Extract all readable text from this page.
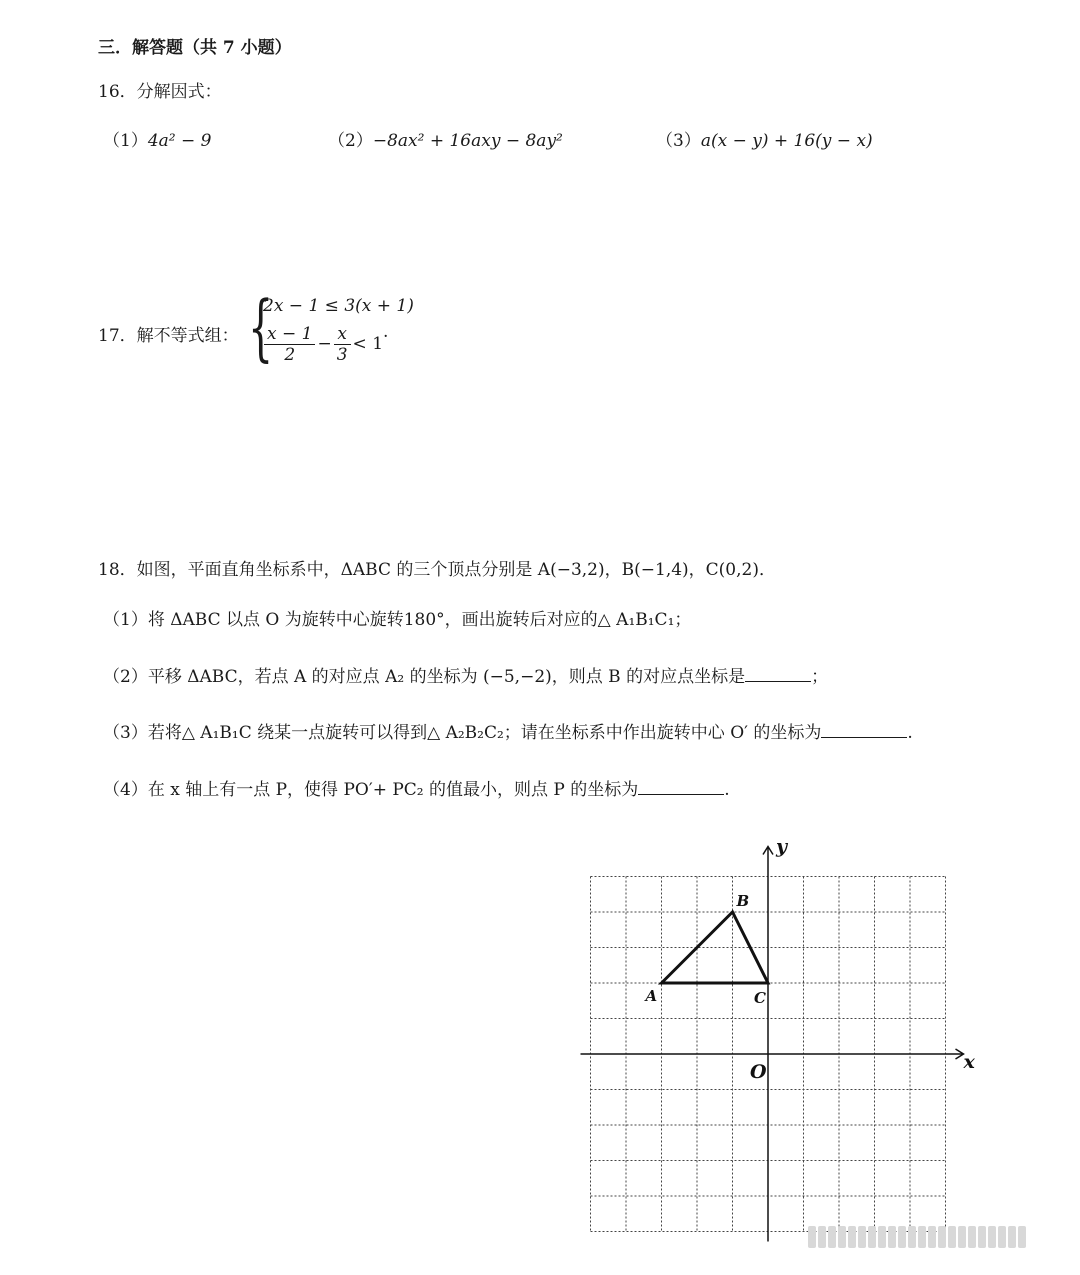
三．解答题（共 7 小题）
16．分解因式：
（1）4a² − 9	（2）−8ax² + 16axy − 8ay²	（3）a(x − y) + 16(y − x)
17．解不等式组： {
2x − 1 ≤ 3(x + 1)
$\frac{x - 1}{2} - \frac{x}{3} < 1$
.
18．如图，平面直角坐标系中，ΔABC 的三个顶点分别是 A(−3,2)，B(−1,4)，C(0,2)．
（1）将 ΔABC 以点 O 为旋转中心旋转180°，画出旋转后对应的△ A₁B₁C₁；
（2）平移 ΔABC，若点 A 的对应点 A₂ 的坐标为 (−5,−2)，则点 B 的对应点坐标是	；
（3）若将△ A₁B₁C 绕某一点旋转可以得到△ A₂B₂C₂；请在坐标系中作出旋转中心 O′ 的坐标为	.
（4）在 x 轴上有一点 P，使得 PO′+ PC₂ 的值最小，则点 P 的坐标为	.
A
B
C
x
y
O
